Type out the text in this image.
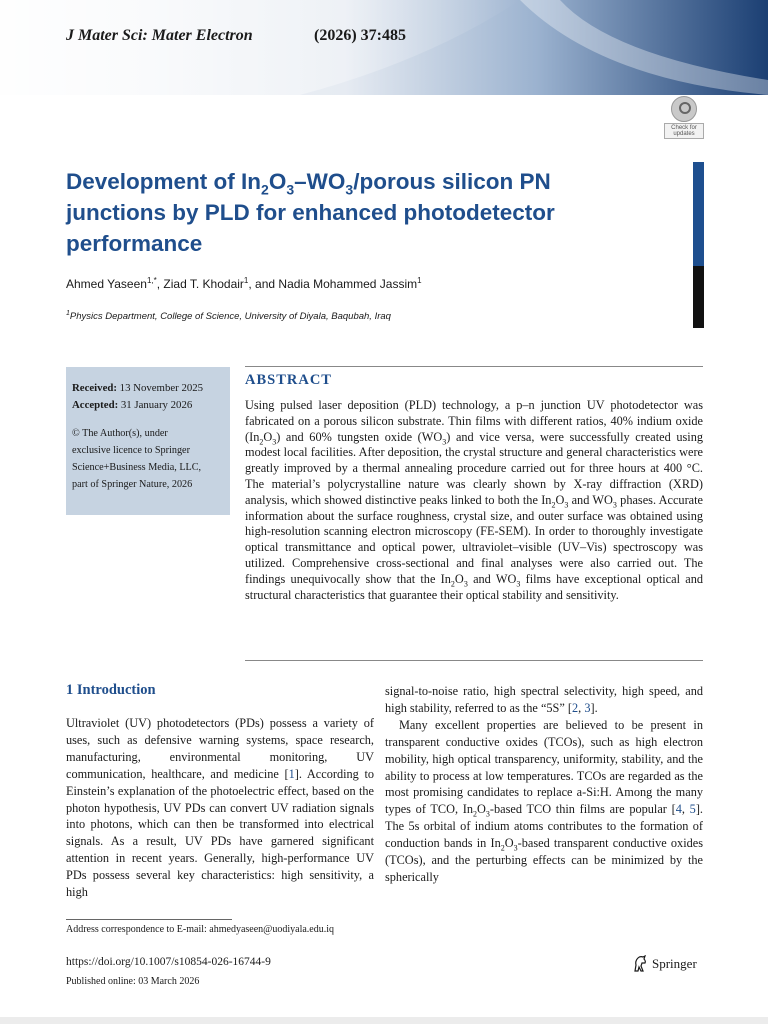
J Mater Sci: Mater Electron	(2026) 37:485
Check for updates
Development of $In_2O_3-WO_3$/porous silicon PN junctions by PLD for enhanced photodetector performance
Ahmed Yaseen$^{1,*}$, Ziad T. Khodair$^1$, and Nadia Mohammed Jassim$^1$
$^1$Physics Department, College of Science, University of Diyala, Baqubah, Iraq
Received: 13 November 2025
Accepted: 31 January 2026
© The Author(s), under
exclusive licence to Springer
Science+Business Media, LLC,
part of Springer Nature, 2026
ABSTRACT

Using pulsed laser deposition (PLD) technology, a p–n junction UV photodetector was fabricated on a porous silicon substrate. Thin films with different ratios, 40% indium oxide $(In_2O_3)$ and 60% tungsten oxide $(WO_3)$ and vice versa, were successfully created using modest local facilities. After deposition, the crystal structure and general characteristics were greatly improved by a thermal annealing procedure carried out for three hours at 400 °C. The material’s polycrystalline nature was clearly shown by X-ray diffraction (XRD) analysis, which showed distinctive peaks linked to both the $In_2O_3$ and $WO_3$ phases. Accurate information about the surface roughness, crystal size, and outer surface was obtained using high-resolution scanning electron microscopy (FE-SEM). In order to thoroughly investigate optical transmittance and optical power, ultraviolet–visible (UV–Vis) spectroscopy was utilized. Comprehensive cross-sectional and final analyses were also carried out. The findings unequivocally show that the $In_2O_3$ and $WO_3$ films have exceptional optical and structural characteristics that guarantee their optical stability and sensitivity.

1 Introduction

Ultraviolet (UV) photodetectors (PDs) possess a variety of uses, such as defensive warning systems, space research, manufacturing, environmental monitoring, UV communication, healthcare, and medicine [1]. According to Einstein’s explanation of the photoelectric effect, based on the photon hypothesis, UV PDs can convert UV radiation signals into photons, which can then be transformed into electrical signals. As a result, UV PDs have garnered significant attention in recent years. Generally, high-performance UV PDs possess several key characteristics: high sensitivity, a high

signal-to-noise ratio, high spectral selectivity, high speed, and high stability, referred to as the “5S” [2, 3].

Many excellent properties are believed to be present in transparent conductive oxides (TCOs), such as high electron mobility, high optical transparency, uniformity, stability, and the ability to process at low temperatures. TCOs are regarded as the most promising candidates to replace a-Si:H. Among the many types of TCO, $In_2O_3$-based TCO thin films are popular [4, 5]. The 5s orbital of indium atoms contributes to the formation of conduction bands in $In_2O_3$-based transparent conductive oxides (TCOs), and the perturbing effects can be minimized by the spherically

Address correspondence to E-mail: ahmedyaseen@uodiyala.edu.iq
https://doi.org/10.1007/s10854-026-16744-9
Published online: 03 March 2026
Springer
